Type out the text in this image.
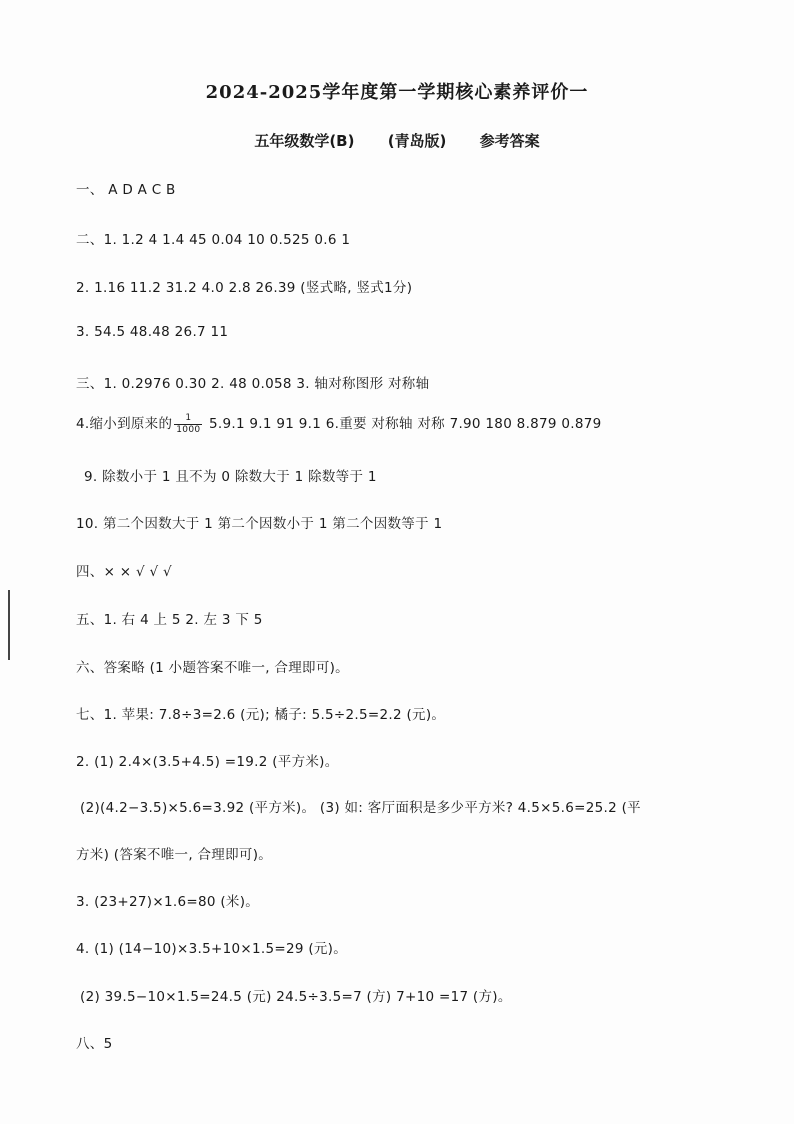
2024-2025学年度第一学期核心素养评价一
五年级数学(B) (青岛版) 参考答案
一、 A D A C B
二、1. 1.2 4 1.4 45 0.04 10 0.525 0.6 1
2. 1.16 11.2 31.2 4.0 2.8 26.39 (竖式略, 竖式1分)
3. 54.5 48.48 26.7 11
三、1. 0.2976 0.30 2. 48 0.058 3. 轴对称图形 对称轴
4.缩小到原来的 $\frac{1}{1000} 5.9.1$ 9.1 91 9.1 6.重要 对称轴 对称 7.90 180 8.879 0.879
9. 除数小于 1 且不为 0 除数大于 1 除数等于 1
10. 第二个因数大于 1 第二个因数小于 1 第二个因数等于 1
四、× × √ √ √
五、1. 右 4 上 5 2. 左 3 下 5
六、答案略 (1 小题答案不唯一, 合理即可)。
七、1. 苹果: 7.8÷3=2.6 (元); 橘子: 5.5÷2.5=2.2 (元)。
2. (1) 2.4×(3.5+4.5) =19.2 (平方米)。
(2)(4.2−3.5)×5.6=3.92 (平方米)。 (3) 如: 客厅面积是多少平方米? 4.5×5.6=25.2 (平
方米) (答案不唯一, 合理即可)。
3. (23+27)×1.6=80 (米)。
4. (1) (14−10)×3.5+10×1.5=29 (元)。
(2) 39.5−10×1.5=24.5 (元) 24.5÷3.5=7 (方) 7+10 =17 (方)。
八、5
